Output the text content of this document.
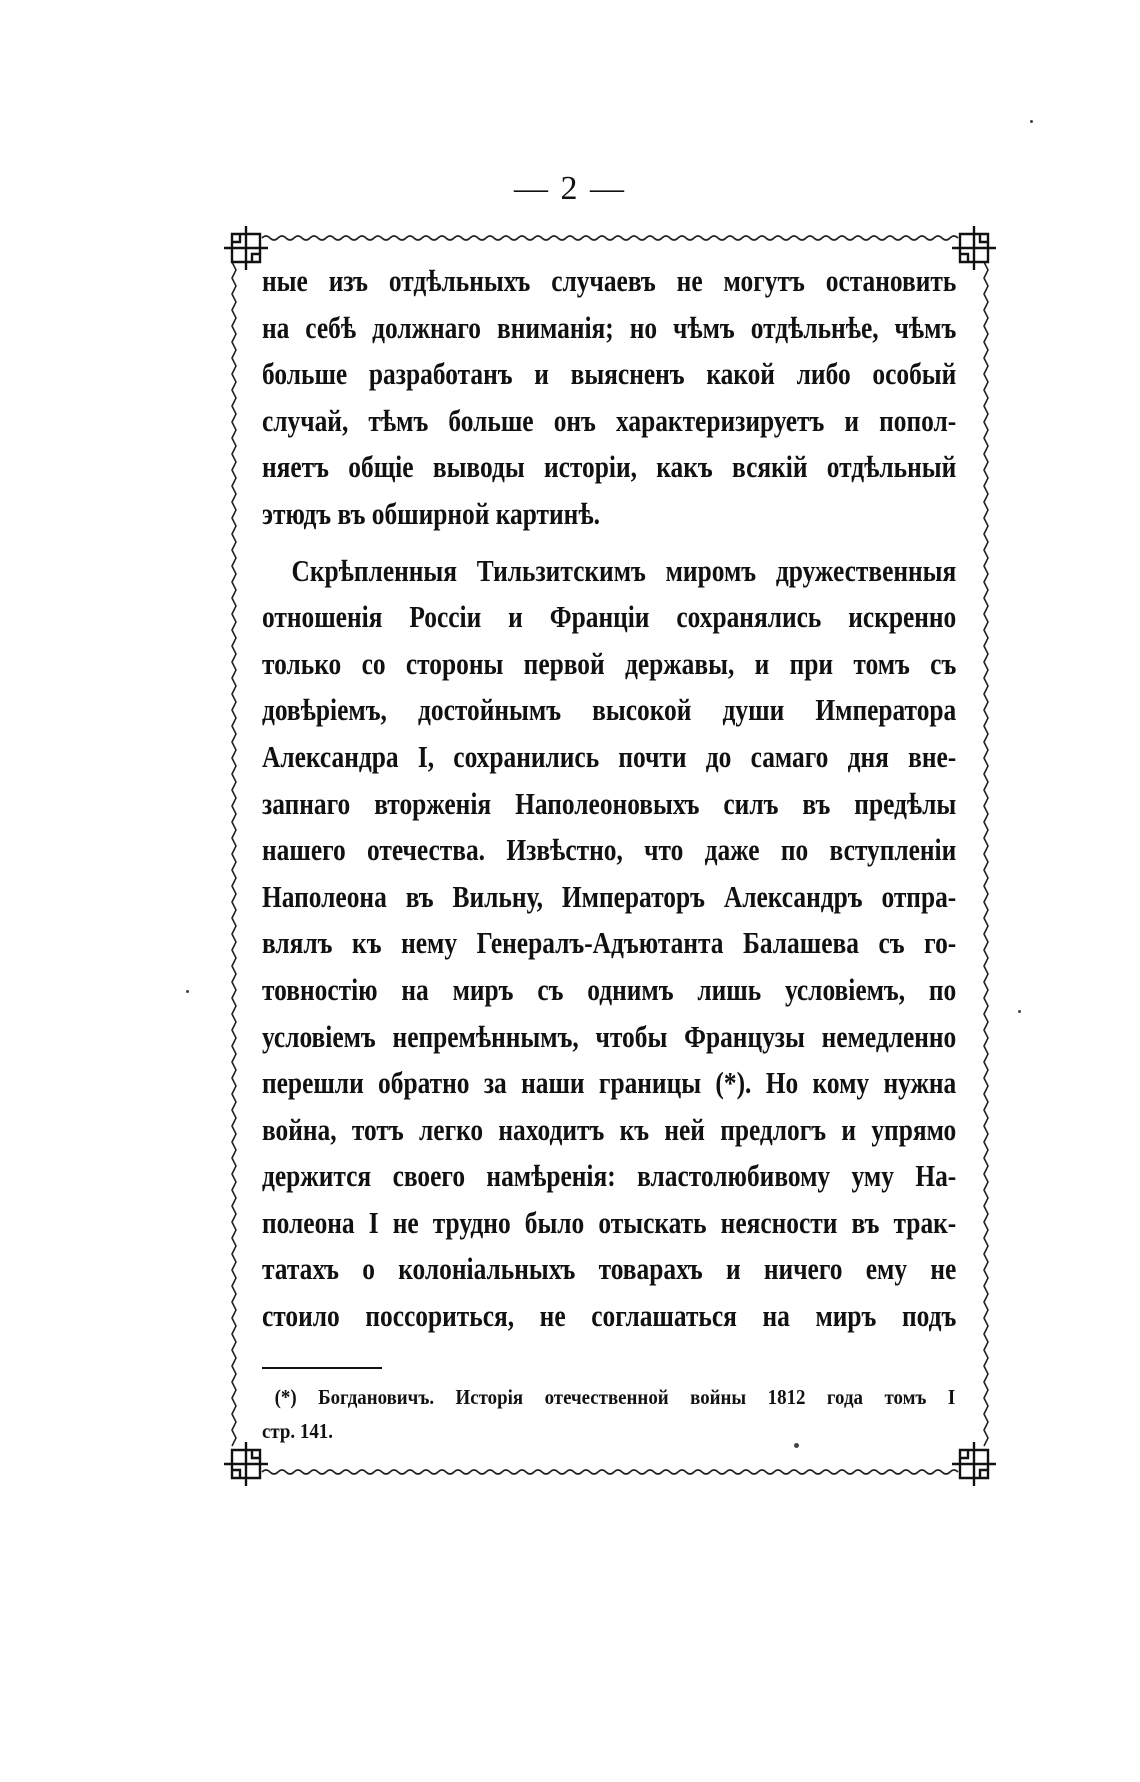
— 2 —
ные изъ отдѣльныхъ случаевъ не могутъ остановить
на себѣ должнаго вниманія; но чѣмъ отдѣльнѣе, чѣмъ
больше разработанъ и выясненъ какой либо особый
случай, тѣмъ больше онъ характеризируетъ и попол-
няетъ общіе выводы исторіи, какъ всякій отдѣльный
этюдъ въ обширной картинѣ.
Скрѣпленныя Тильзитскимъ миромъ дружественныя
отношенія Россіи и Франціи сохранялись искренно
только со стороны первой державы, и при томъ съ
довѣріемъ, достойнымъ высокой души Императора
Александра I, сохранились почти до самаго дня вне-
запнаго вторженія Наполеоновыхъ силъ въ предѣлы
нашего отечества. Извѣстно, что даже по вступленіи
Наполеона въ Вильну, Императоръ Александръ отпра-
влялъ къ нему Генералъ-Адъютанта Балашева съ го-
товностію на миръ съ однимъ лишь условіемъ, по
условіемъ непремѣннымъ, чтобы Французы немедленно
перешли обратно за наши границы (*). Но кому нужна
война, тотъ легко находитъ къ ней предлогъ и упрямо
держится своего намѣренія: властолюбивому уму На-
полеона I не трудно было отыскать неясности въ трак-
татахъ о колоніальныхъ товарахъ и ничего ему не
стоило поссориться, не соглашаться на миръ подъ
(*) Богдановичъ. Исторія отечественной войны 1812 года томъ I
стр. 141.
